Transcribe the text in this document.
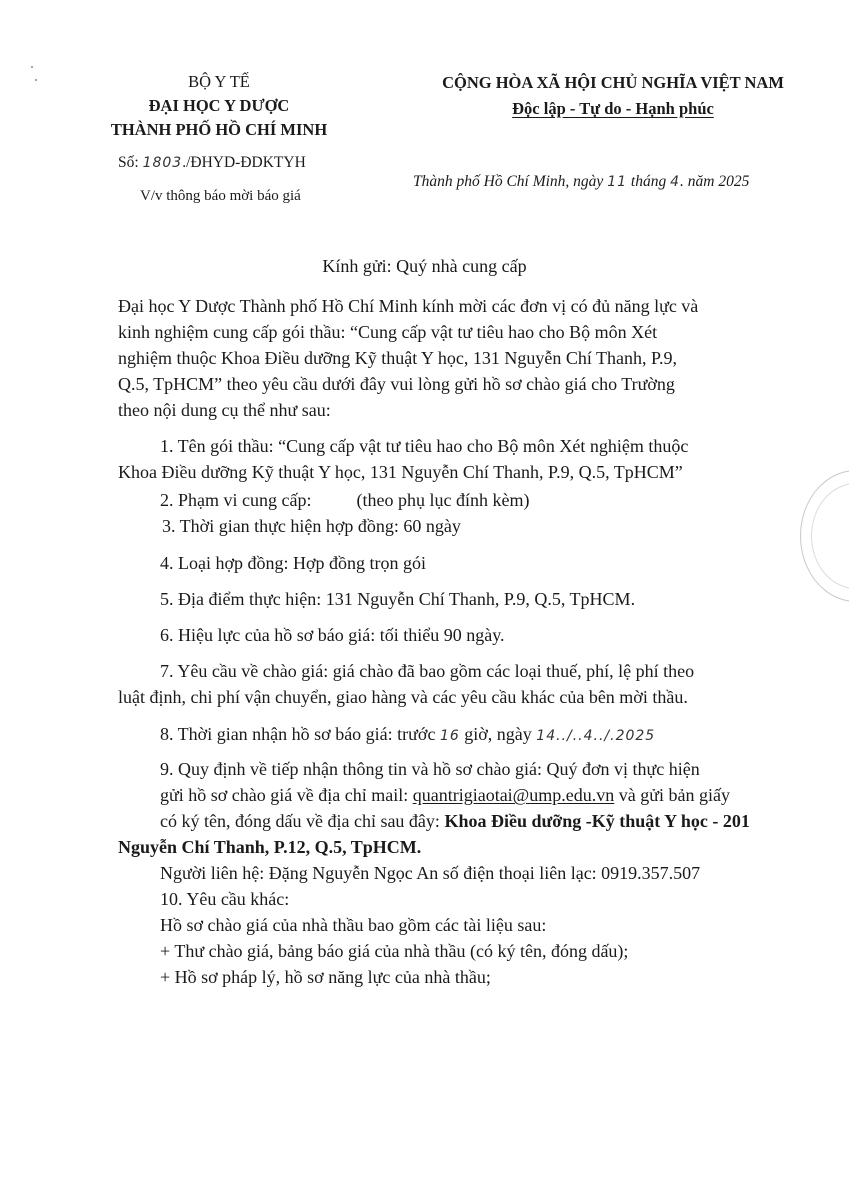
BỘ Y TẾ
ĐẠI HỌC Y DƯỢC
THÀNH PHỐ HỒ CHÍ MINH
Số: 1803./ĐHYD-ĐDKTYH
V/v thông báo mời báo giá
CỘNG HÒA XÃ HỘI CHỦ NGHĨA VIỆT NAM
Độc lập - Tự do - Hạnh phúc
Thành phố Hồ Chí Minh, ngày 11 tháng 4. năm 2025
Kính gửi: Quý nhà cung cấp
Đại học Y Dược Thành phố Hồ Chí Minh kính mời các đơn vị có đủ năng lực và
kinh nghiệm cung cấp gói thầu: “Cung cấp vật tư tiêu hao cho Bộ môn Xét
nghiệm thuộc Khoa Điều dưỡng Kỹ thuật Y học, 131 Nguyễn Chí Thanh, P.9,
Q.5, TpHCM” theo yêu cầu dưới đây vui lòng gửi hồ sơ chào giá cho Trường
theo nội dung cụ thể như sau:
1. Tên gói thầu: “Cung cấp vật tư tiêu hao cho Bộ môn Xét nghiệm thuộc
Khoa Điều dưỡng Kỹ thuật Y học, 131 Nguyễn Chí Thanh, P.9, Q.5, TpHCM”
2. Phạm vi cung cấp:	(theo phụ lục đính kèm)
3. Thời gian thực hiện hợp đồng: 60 ngày
4. Loại hợp đồng: Hợp đồng trọn gói
5. Địa điểm thực hiện: 131 Nguyễn Chí Thanh, P.9, Q.5, TpHCM.
6. Hiệu lực của hồ sơ báo giá: tối thiểu 90 ngày.
7. Yêu cầu về chào giá: giá chào đã bao gồm các loại thuế, phí, lệ phí theo
luật định, chi phí vận chuyển, giao hàng và các yêu cầu khác của bên mời thầu.
8. Thời gian nhận hồ sơ báo giá: trước 16 giờ, ngày 14../..4../.2025
9. Quy định về tiếp nhận thông tin và hồ sơ chào giá: Quý đơn vị thực hiện
gửi hồ sơ chào giá về địa chỉ mail: quantrigiaotai@ump.edu.vn và gửi bản giấy
có ký tên, đóng dấu về địa chỉ sau đây: Khoa Điều dưỡng -Kỹ thuật Y học - 201
Nguyễn Chí Thanh, P.12, Q.5, TpHCM.
Người liên hệ: Đặng Nguyễn Ngọc An số điện thoại liên lạc: 0919.357.507
10. Yêu cầu khác:
Hồ sơ chào giá của nhà thầu bao gồm các tài liệu sau:
+ Thư chào giá, bảng báo giá của nhà thầu (có ký tên, đóng dấu);
+ Hồ sơ pháp lý, hồ sơ năng lực của nhà thầu;
